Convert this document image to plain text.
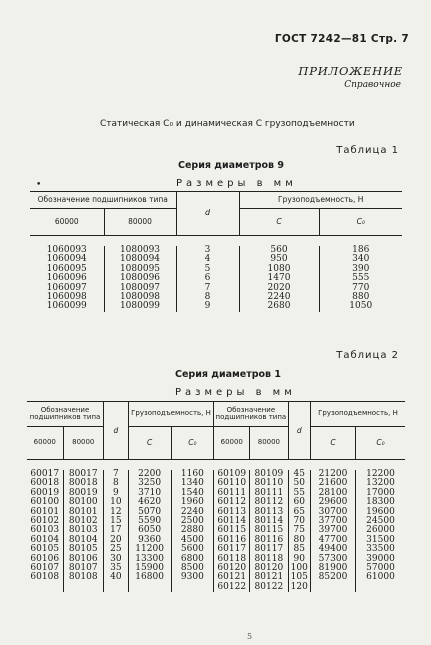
ГОСТ 7242—81 Стр. 7
ПРИЛОЖЕНИЕ
Справочное
Статическая C₀ и динамическая C грузоподъемности
Таблица 1
Серия диаметров 9
Размеры в мм
•
Обозначение подшипников типа		d	Грузоподъемность, Н	
60000	80000		C	C₀

1060093	1080093	3	560	186
1060094	1080094	4	950	340
1060095	1080095	5	1080	390
1060096	1080096	6	1470	555
1060097	1080097	7	2020	770
1060098	1080098	8	2240	880
1060099	1080099	9	2680	1050

Таблица 2
Серия диаметров 1
Размеры в мм
Обозначение подшипников типа		d	Грузоподъемность, Н		Обозначение подшипников типа		d	Грузоподъемность, Н	
60000	80000		C	C₀	60000	80000		C	C₀

60017	80017	7	2200	1160	60109	80109	45	21200	12200
60018	80018	8	3250	1340	60110	80110	50	21600	13200
60019	80019	9	3710	1540	60111	80111	55	28100	17000
60100	80100	10	4620	1960	60112	80112	60	29600	18300
60101	80101	12	5070	2240	60113	80113	65	30700	19600
60102	80102	15	5590	2500	60114	80114	70	37700	24500
60103	80103	17	6050	2880	60115	80115	75	39700	26000
60104	80104	20	9360	4500	60116	80116	80	47700	31500
60105	80105	25	11200	5600	60117	80117	85	49400	33500
60106	80106	30	13300	6800	60118	80118	90	57300	39000
60107	80107	35	15900	8500	60120	80120	100	81900	57000
60108	80108	40	16800	9300	60121	80121	105	85200	61000
					60122	80122	120		

5
